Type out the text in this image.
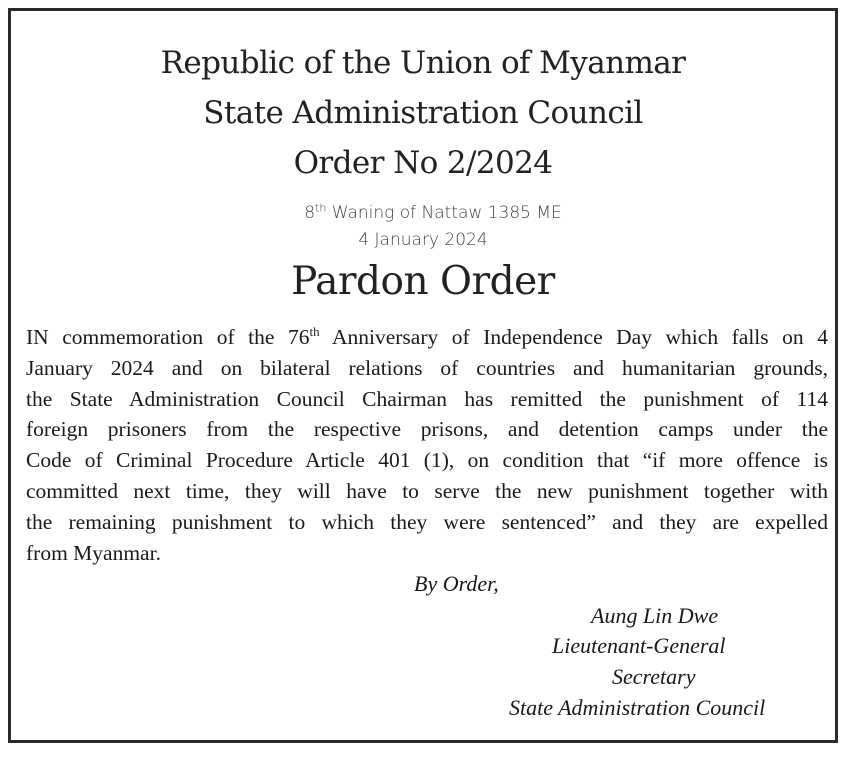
Republic of the Union of Myanmar
State Administration Council
Order No 2/2024
8th Waning of Nattaw 1385 ME
4 January 2024
Pardon Order
IN commemoration of the 76th Anniversary of Independence Day which falls on 4
January 2024 and on bilateral relations of countries and humanitarian grounds,
the State Administration Council Chairman has remitted the punishment of 114
foreign prisoners from the respective prisons, and detention camps under the
Code of Criminal Procedure Article 401 (1), on condition that “if more offence is
committed next time, they will have to serve the new punishment together with
the remaining punishment to which they were sentenced” and they are expelled
from Myanmar.
By Order,
Aung Lin Dwe
Lieutenant-General
Secretary
State Administration Council
